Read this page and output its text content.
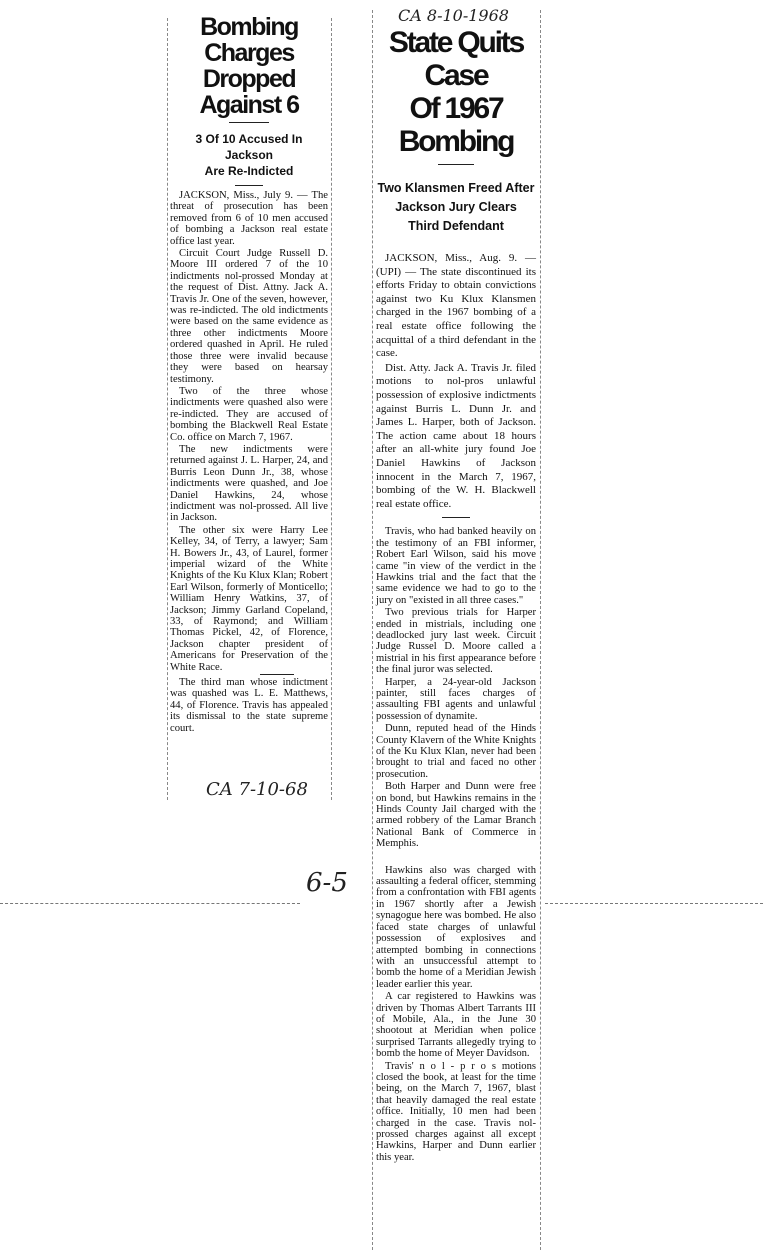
Bombing Charges
Dropped Against 6
3 Of 10 Accused In Jackson
Are Re-Indicted

JACKSON, Miss., July 9. — The threat of prosecution has been removed from 6 of 10 men accused of bombing a Jackson real estate office last year.

Circuit Court Judge Russell D. Moore III ordered 7 of the 10 indictments nol-prossed Monday at the request of Dist. Attny. Jack A. Travis Jr. One of the seven, however, was re-indicted. The old indictments were based on the same evidence as three other indictments Moore ordered quashed in April. He ruled those three were invalid because they were based on hearsay testimony.

Two of the three whose indictments were quashed also were re-indicted. They are accused of bombing the Blackwell Real Estate Co. office on March 7, 1967.

The new indictments were returned against J. L. Harper, 24, and Burris Leon Dunn Jr., 38, whose indictments were quashed, and Joe Daniel Hawkins, 24, whose indictment was nol-prossed. All live in Jackson.

The other six were Harry Lee Kelley, 34, of Terry, a lawyer; Sam H. Bowers Jr., 43, of Laurel, former imperial wizard of the White Knights of the Ku Klux Klan; Robert Earl Wilson, formerly of Monticello; William Henry Watkins, 37, of Jackson; Jimmy Garland Copeland, 33, of Raymond; and William Thomas Pickel, 42, of Florence, Jackson chapter president of Americans for Preservation of the White Race.

The third man whose indictment was quashed was L. E. Matthews, 44, of Florence. Travis has appealed its dismissal to the state supreme court.

CA 7-10-68
6-5
CA 8-10-1968
State Quits Case
Of 1967 Bombing
Two Klansmen Freed After
Jackson Jury Clears
Third Defendant

JACKSON, Miss., Aug. 9. — (UPI) — The state discontinued its efforts Friday to obtain convictions against two Ku Klux Klansmen charged in the 1967 bombing of a real estate office following the acquittal of a third defendant in the case.

Dist. Atty. Jack A. Travis Jr. filed motions to nol-pros unlawful possession of explosive indictments against Burris L. Dunn Jr. and James L. Harper, both of Jackson. The action came about 18 hours after an all-white jury found Joe Daniel Hawkins of Jackson innocent in the March 7, 1967, bombing of the W. H. Blackwell real estate office.

Travis, who had banked heavily on the testimony of an FBI informer, Robert Earl Wilson, said his move came "in view of the verdict in the Hawkins trial and the fact that the same evidence we had to go to the jury on "existed in all three cases."

Two previous trials for Harper ended in mistrials, including one deadlocked jury last week. Circuit Judge Russel D. Moore called a mistrial in his first appearance before the final juror was selected.

Harper, a 24-year-old Jackson painter, still faces charges of assaulting FBI agents and unlawful possession of dynamite.

Dunn, reputed head of the Hinds County Klavern of the White Knights of the Ku Klux Klan, never had been brought to trial and faced no other prosecution.

Both Harper and Dunn were free on bond, but Hawkins remains in the Hinds County Jail charged with the armed robbery of the Lamar Branch National Bank of Commerce in Memphis.

Hawkins also was charged with assaulting a federal officer, stemming from a confrontation with FBI agents in 1967 shortly after a Jewish synagogue here was bombed. He also faced state charges of unlawful possession of explosives and attempted bombing in connections with an unsuccessful attempt to bomb the home of a Meridian Jewish leader earlier this year.

A car registered to Hawkins was driven by Thomas Albert Tarrants III of Mobile, Ala., in the June 30 shootout at Meridian when police surprised Tarrants allegedly trying to bomb the home of Meyer Davidson.

Travis' n o l - p r o s motions closed the book, at least for the time being, on the March 7, 1967, blast that heavily damaged the real estate office. Initially, 10 men had been charged in the case. Travis nol-prossed charges against all except Hawkins, Harper and Dunn earlier this year.
